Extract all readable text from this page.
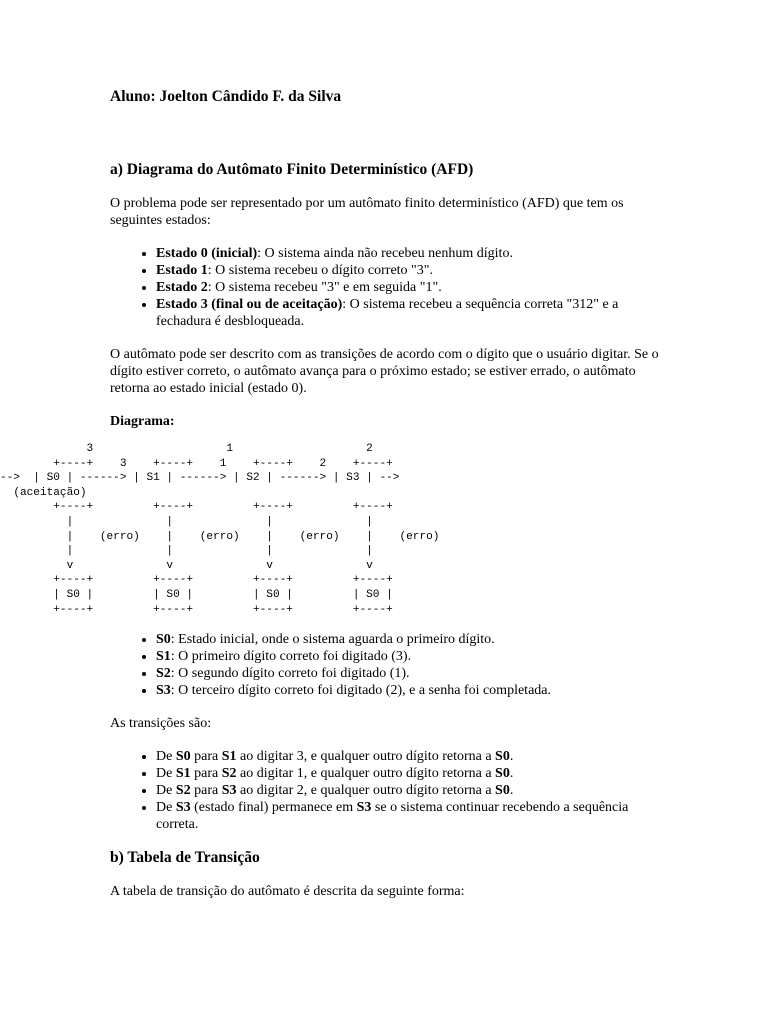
Aluno: Joelton Cândido F. da Silva
a) Diagrama do Autômato Finito Determinístico (AFD)

O problema pode ser representado por um autômato finito determinístico (AFD) que tem os seguintes estados:

• Estado 0 (inicial): O sistema ainda não recebeu nenhum dígito.
• Estado 1: O sistema recebeu o dígito correto "3".
• Estado 2: O sistema recebeu "3" e em seguida "1".
• Estado 3 (final ou de aceitação): O sistema recebeu a sequência correta "312" e a fechadura é desbloqueada.

O autômato pode ser descrito com as transições de acordo com o dígito que o usuário digitar. Se o dígito estiver correto, o autômato avança para o próximo estado; se estiver errado, o autômato retorna ao estado inicial (estado 0).

Diagrama:

3                    1                    2
+----+    3    +----+    1    +----+    2    +----+
-->  | S0 | ------> | S1 | ------> | S2 | ------> | S3 | -->
(aceitação)
+----+         +----+         +----+         +----+
|              |              |              |
|    (erro)    |    (erro)    |    (erro)    |    (erro)
|              |              |              |
v              v              v              v
+----+         +----+         +----+         +----+
| S0 |         | S0 |         | S0 |         | S0 |
+----+         +----+         +----+         +----+
• S0: Estado inicial, onde o sistema aguarda o primeiro dígito.
• S1: O primeiro dígito correto foi digitado (3).
• S2: O segundo dígito correto foi digitado (1).
• S3: O terceiro dígito correto foi digitado (2), e a senha foi completada.

As transições são:

• De S0 para S1 ao digitar 3, e qualquer outro dígito retorna a S0.
• De S1 para S2 ao digitar 1, e qualquer outro dígito retorna a S0.
• De S2 para S3 ao digitar 2, e qualquer outro dígito retorna a S0.
• De S3 (estado final) permanece em S3 se o sistema continuar recebendo a sequência correta.
b) Tabela de Transição

A tabela de transição do autômato é descrita da seguinte forma:
